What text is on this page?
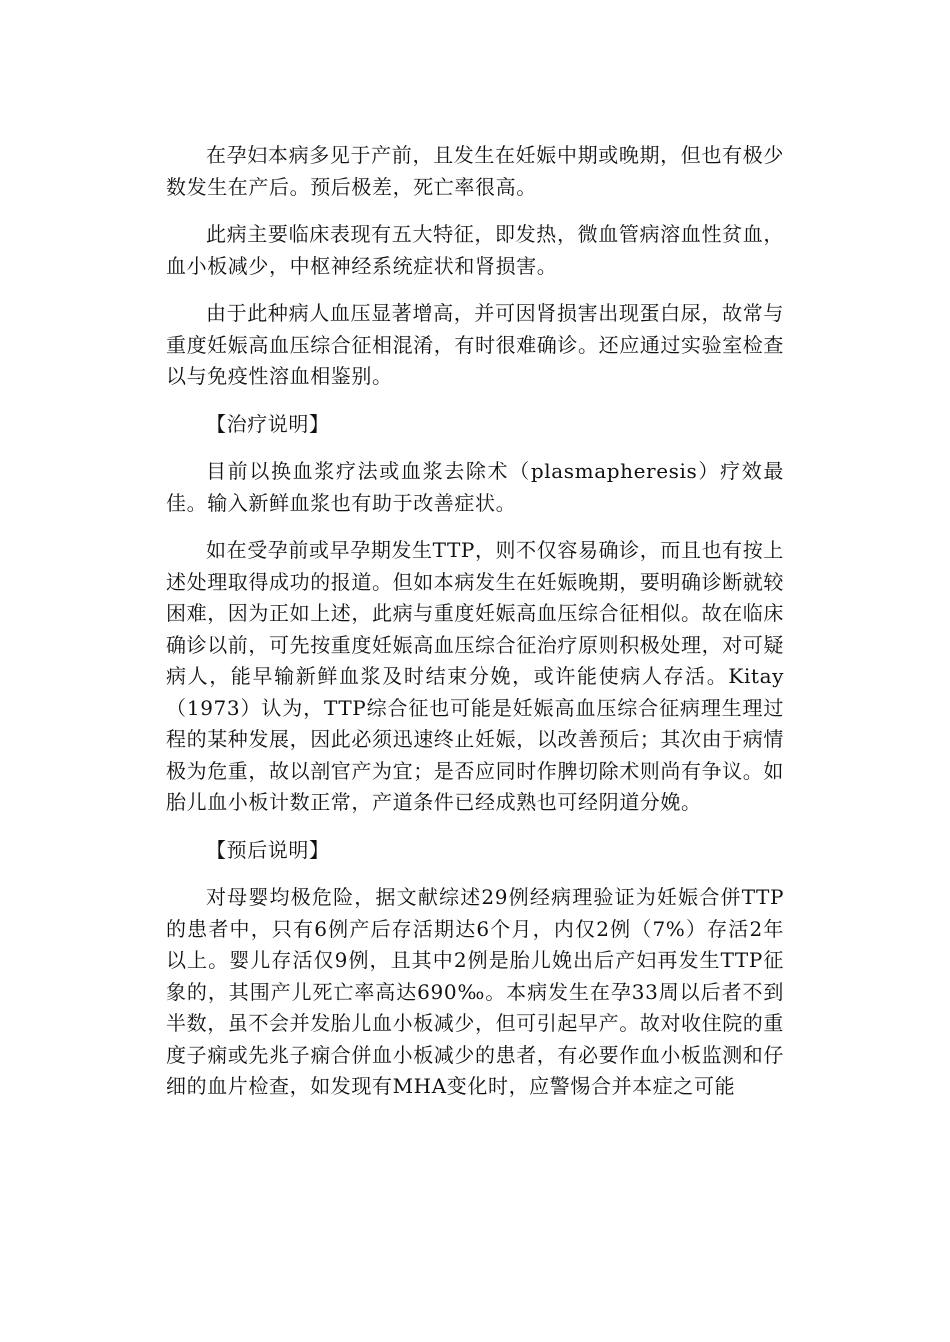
在孕妇本病多见于产前，且发生在妊娠中期或晚期，但也有极少数发生在产后。预后极差，死亡率很高。

此病主要临床表现有五大特征，即发热，微血管病溶血性贫血，血小板减少，中枢神经系统症状和肾损害。

由于此种病人血压显著增高，并可因肾损害出现蛋白尿，故常与重度妊娠高血压综合征相混淆，有时很难确诊。还应通过实验室检查以与免疫性溶血相鉴别。

【治疗说明】

目前以换血浆疗法或血浆去除术（plasmapheresis）疗效最佳。输入新鲜血浆也有助于改善症状。

如在受孕前或早孕期发生TTP，则不仅容易确诊，而且也有按上述处理取得成功的报道。但如本病发生在妊娠晚期，要明确诊断就较困难，因为正如上述，此病与重度妊娠高血压综合征相似。故在临床确诊以前，可先按重度妊娠高血压综合征治疗原则积极处理，对可疑病人，能早输新鲜血浆及时结束分娩，或许能使病人存活。Kitay（1973）认为，TTP综合征也可能是妊娠高血压综合征病理生理过程的某种发展，因此必须迅速终止妊娠，以改善预后；其次由于病情极为危重，故以剖官产为宜；是否应同时作脾切除术则尚有争议。如胎儿血小板计数正常，产道条件已经成熟也可经阴道分娩。

【预后说明】

对母婴均极危险，据文献综述29例经病理验证为妊娠合併TTP的患者中，只有6例产后存活期达6个月，内仅2例（7%）存活2年以上。婴儿存活仅9例，且其中2例是胎儿娩出后产妇再发生TTP征象的，其围产儿死亡率高达690‰。本病发生在孕33周以后者不到半数，虽不会并发胎儿血小板减少，但可引起早产。故对收住院的重度子痫或先兆子痫合併血小板减少的患者，有必要作血小板监测和仔细的血片检查，如发现有MHA变化时，应警惕合并本症之可能
